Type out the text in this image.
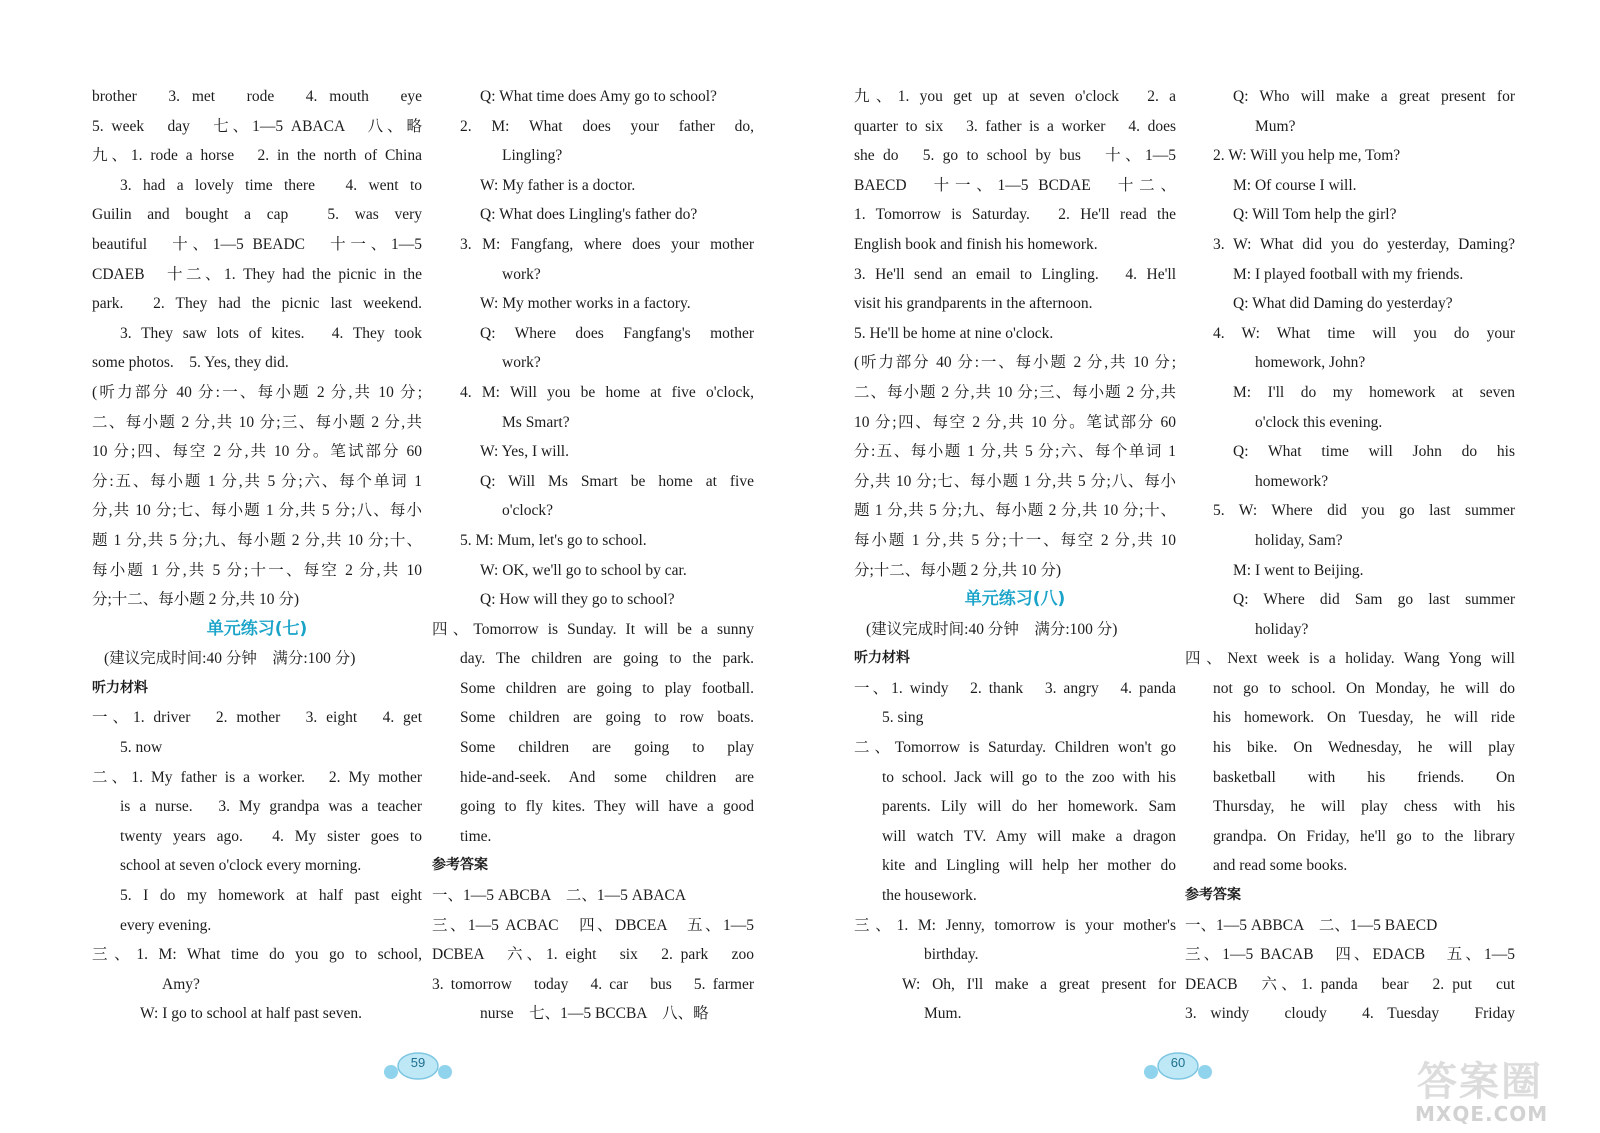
brother　3. met　rode　4. mouth　eye
5. week　day　七、1—5 ABACA　八、略
九、1. rode a horse　2. in the north of China
3. had a lovely time there　4. went to
Guilin and bought a cap　5. was very
beautiful　十、1—5 BEADC　十一、1—5
CDAEB　十二、1. They had the picnic in the
park.　2. They had the picnic last weekend.
3. They saw lots of kites.　4. They took
some photos.　5. Yes, they did.
(听力部分 40 分:一、每小题 2 分,共 10 分;
二、每小题 2 分,共 10 分;三、每小题 2 分,共
10 分;四、每空 2 分,共 10 分。笔试部分 60
分:五、每小题 1 分,共 5 分;六、每个单词 1
分,共 10 分;七、每小题 1 分,共 5 分;八、每小
题 1 分,共 5 分;九、每小题 2 分,共 10 分;十、
每小题 1 分,共 5 分;十一、每空 2 分,共 10
分;十二、每小题 2 分,共 10 分)
单元练习(七)
(建议完成时间:40 分钟　满分:100 分)
听力材料
一、1. driver　2. mother　3. eight　4. get
5. now
二、1. My father is a worker.　2. My mother
is a nurse.　3. My grandpa was a teacher
twenty years ago.　4. My sister goes to
school at seven o'clock every morning.
5. I do my homework at half past eight
every evening.
三、1. M: What time do you go to school,
Amy?
W: I go to school at half past seven.
Q: What time does Amy go to school?
2. M: What does your father do,
Lingling?
W: My father is a doctor.
Q: What does Lingling's father do?
3. M: Fangfang, where does your mother
work?
W: My mother works in a factory.
Q: Where does Fangfang's mother
work?
4. M: Will you be home at five o'clock,
Ms Smart?
W: Yes, I will.
Q: Will Ms Smart be home at five
o'clock?
5. M: Mum, let's go to school.
W: OK, we'll go to school by car.
Q: How will they go to school?
四、Tomorrow is Sunday. It will be a sunny
day. The children are going to the park.
Some children are going to play football.
Some children are going to row boats.
Some children are going to play
hide-and-seek. And some children are
going to fly kites. They will have a good
time.
参考答案
一、1—5 ABCBA　二、1—5 ABACA
三、1—5 ACBAC　四、DBCEA　五、1—5
DCBEA　六、1. eight　six　2. park　zoo
3. tomorrow　today　4. car　bus　5. farmer
nurse　七、1—5 BCCBA　八、略
九、1. you get up at seven o'clock　2. a
quarter to six　3. father is a worker　4. does
she do　5. go to school by bus　十、1—5
BAECD　十一、1—5 BCDAE　十二、
1. Tomorrow is Saturday.　2. He'll read the
English book and finish his homework.
3. He'll send an email to Lingling.　4. He'll
visit his grandparents in the afternoon.
5. He'll be home at nine o'clock.
(听力部分 40 分:一、每小题 2 分,共 10 分;
二、每小题 2 分,共 10 分;三、每小题 2 分,共
10 分;四、每空 2 分,共 10 分。笔试部分 60
分:五、每小题 1 分,共 5 分;六、每个单词 1
分,共 10 分;七、每小题 1 分,共 5 分;八、每小
题 1 分,共 5 分;九、每小题 2 分,共 10 分;十、
每小题 1 分,共 5 分;十一、每空 2 分,共 10
分;十二、每小题 2 分,共 10 分)
单元练习(八)
(建议完成时间:40 分钟　满分:100 分)
听力材料
一、1. windy　2. thank　3. angry　4. panda
5. sing
二、Tomorrow is Saturday. Children won't go
to school. Jack will go to the zoo with his
parents. Lily will do her homework. Sam
will watch TV. Amy will make a dragon
kite and Lingling will help her mother do
the housework.
三、1. M: Jenny, tomorrow is your mother's
birthday.
W: Oh, I'll make a great present for
Mum.
Q: Who will make a great present for
Mum?
2. W: Will you help me, Tom?
M: Of course I will.
Q: Will Tom help the girl?
3. W: What did you do yesterday, Daming?
M: I played football with my friends.
Q: What did Daming do yesterday?
4. W: What time will you do your
homework, John?
M: I'll do my homework at seven
o'clock this evening.
Q: What time will John do his
homework?
5. W: Where did you go last summer
holiday, Sam?
M: I went to Beijing.
Q: Where did Sam go last summer
holiday?
四、Next week is a holiday. Wang Yong will
not go to school. On Monday, he will do
his homework. On Tuesday, he will ride
his bike. On Wednesday, he will play
basketball with his friends. On
Thursday, he will play chess with his
grandpa. On Friday, he'll go to the library
and read some books.
参考答案
一、1—5 ABBCA　二、1—5 BAECD
三、1—5 BACAB　四、EDACB　五、1—5
DEACB　六、1. panda　bear　2. put　cut
3. windy　cloudy　4. Tuesday　Friday
59	60	答案圈
MXQE.COM
